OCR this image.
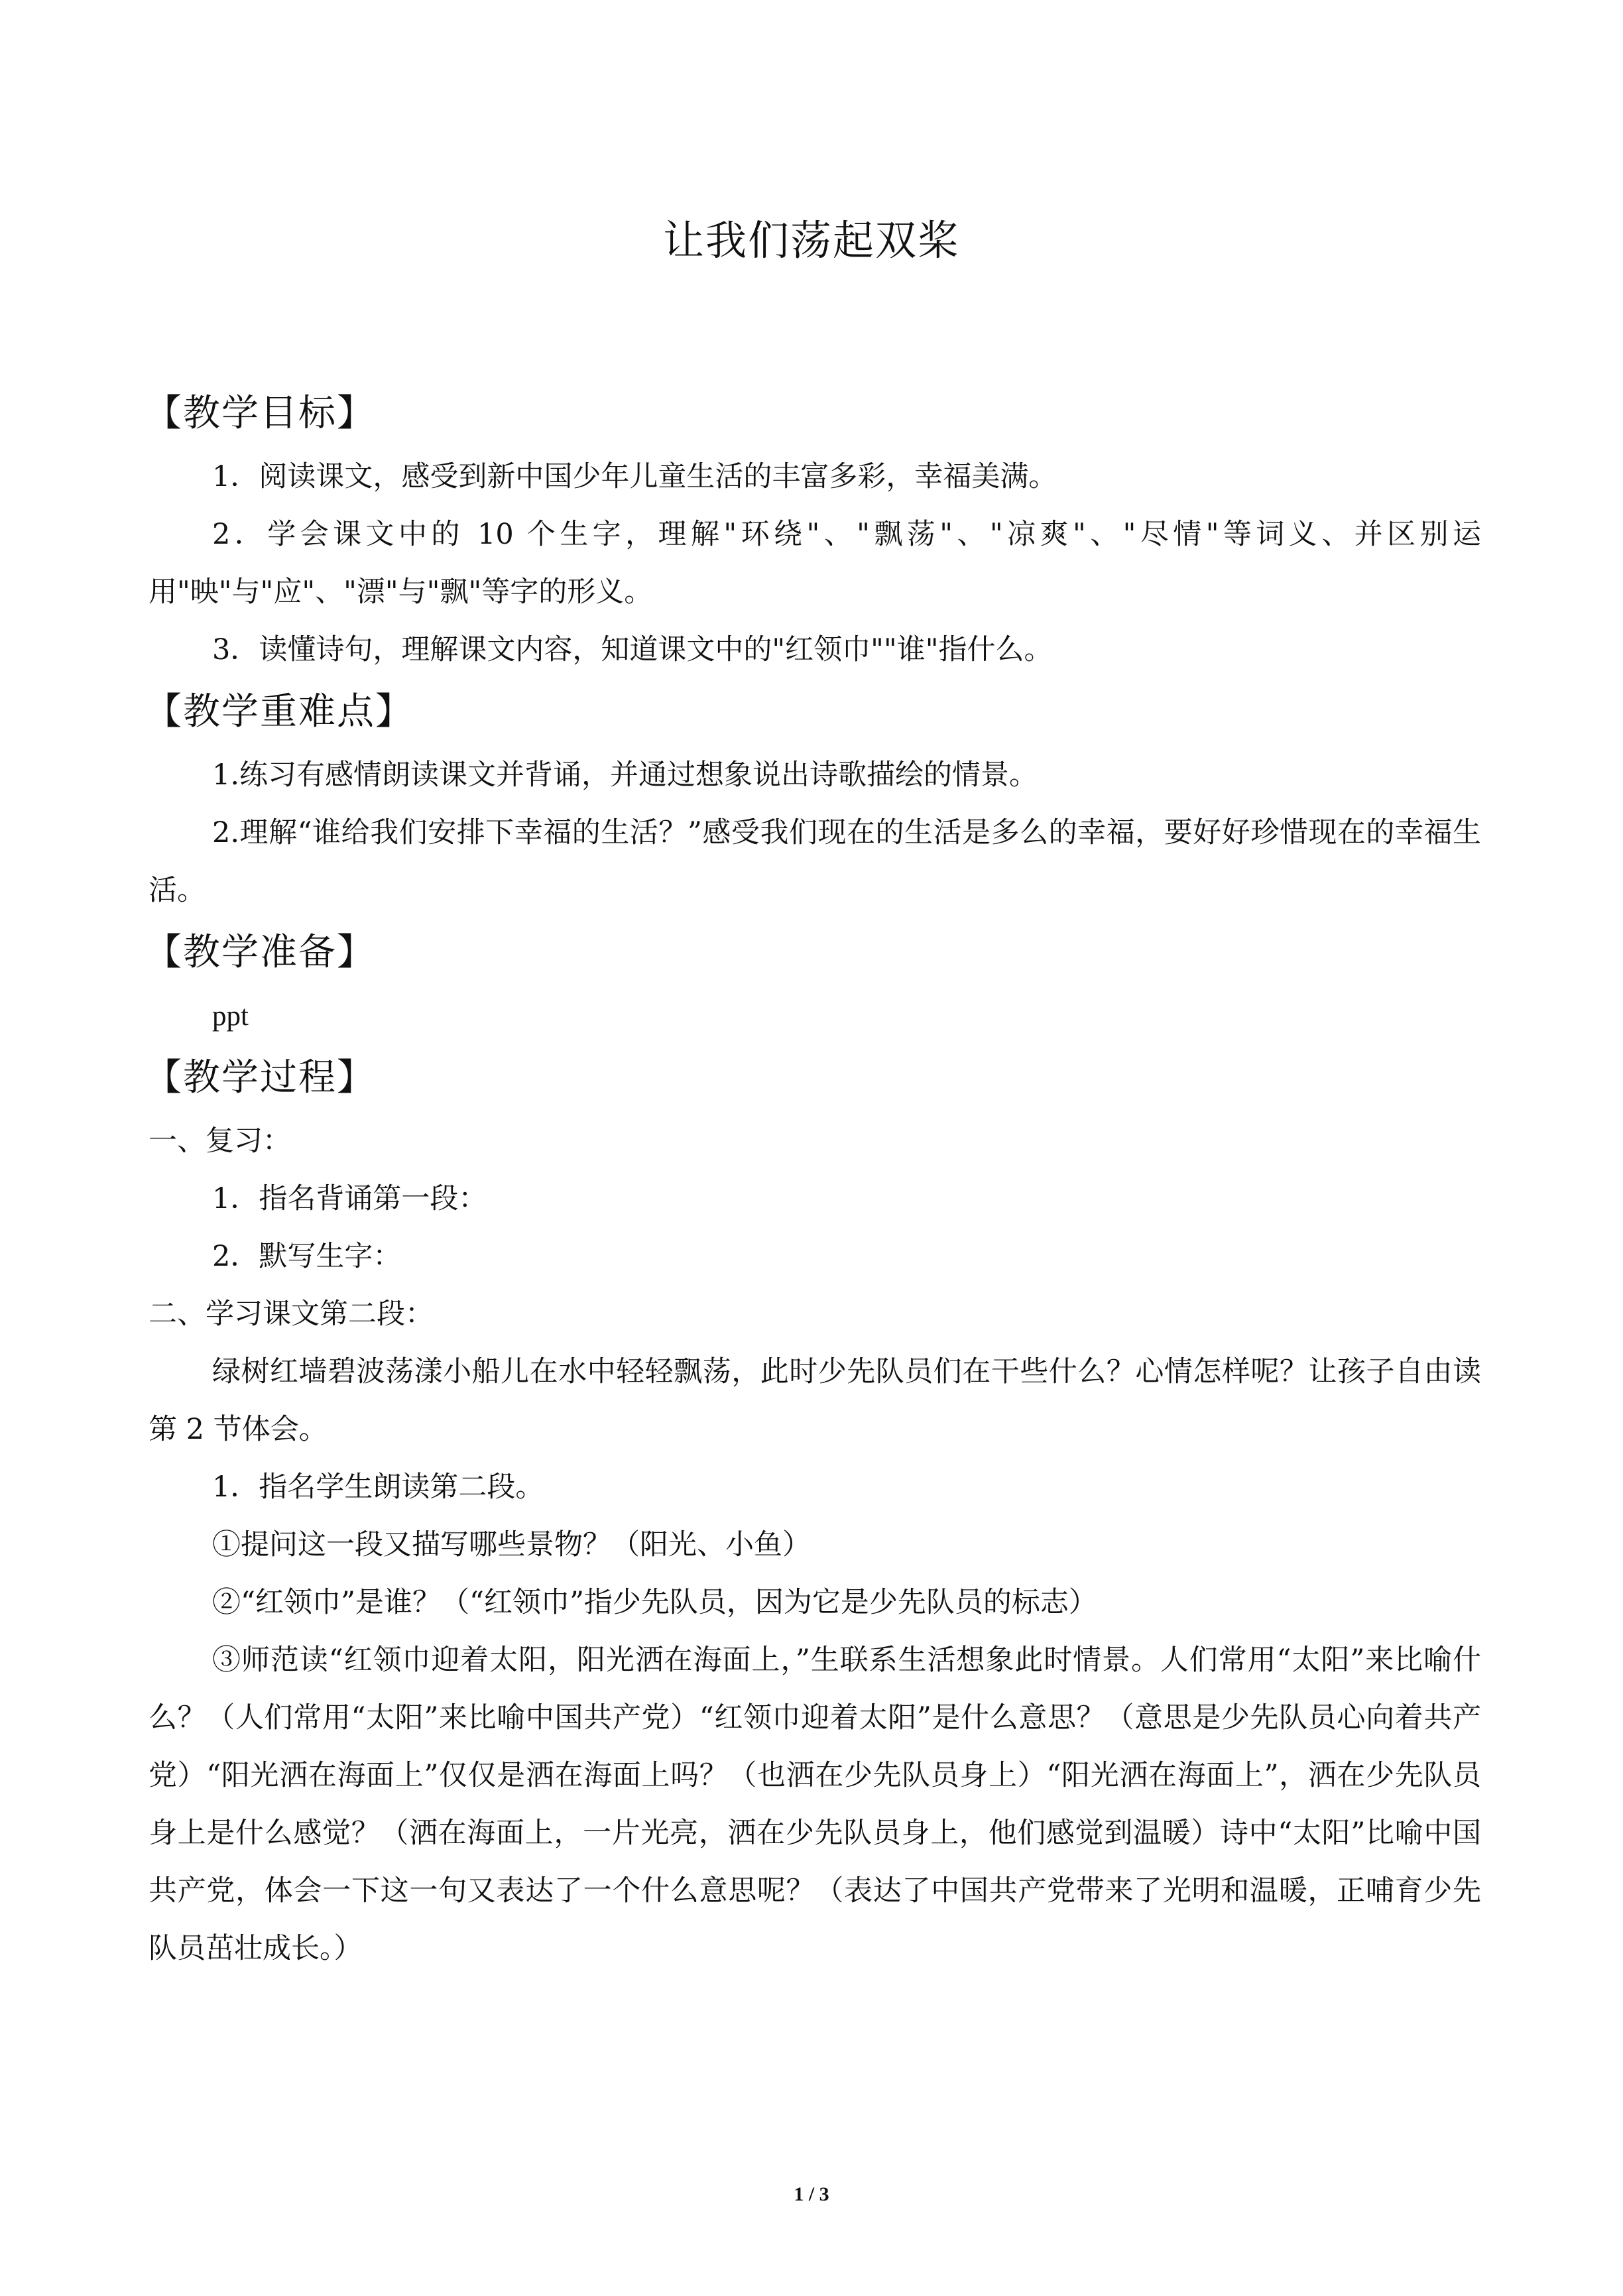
让我们荡起双桨
【教学目标】

1．阅读课文，感受到新中国少年儿童生活的丰富多彩，幸福美满。

2．学会课文中的 10 个生字，理解"环绕"、"飘荡"、"凉爽"、"尽情"等词义、并区别运用"映"与"应"、"漂"与"飘"等字的形义。

3．读懂诗句，理解课文内容，知道课文中的"红领巾""谁"指什么。

【教学重难点】

1.练习有感情朗读课文并背诵，并通过想象说出诗歌描绘的情景。

2.理解“谁给我们安排下幸福的生活？”感受我们现在的生活是多么的幸福，要好好珍惜现在的幸福生活。

【教学准备】

ppt

【教学过程】

一、复习：

1．指名背诵第一段：

2．默写生字：

二、学习课文第二段：

绿树红墙碧波荡漾小船儿在水中轻轻飘荡，此时少先队员们在干些什么？心情怎样呢？让孩子自由读第 2 节体会。

1．指名学生朗读第二段。

①提问这一段又描写哪些景物？（阳光、小鱼）

②“红领巾”是谁？（“红领巾”指少先队员，因为它是少先队员的标志）

③师范读“红领巾迎着太阳，阳光洒在海面上，”生联系生活想象此时情景。人们常用“太阳”来比喻什么？（人们常用“太阳”来比喻中国共产党）“红领巾迎着太阳”是什么意思？（意思是少先队员心向着共产党）“阳光洒在海面上”仅仅是洒在海面上吗？（也洒在少先队员身上）“阳光洒在海面上”，洒在少先队员身上是什么感觉？（洒在海面上，一片光亮，洒在少先队员身上，他们感觉到温暖）诗中“太阳”比喻中国共产党，体会一下这一句又表达了一个什么意思呢？（表达了中国共产党带来了光明和温暖，正哺育少先队员茁壮成长。）

1 / 3
